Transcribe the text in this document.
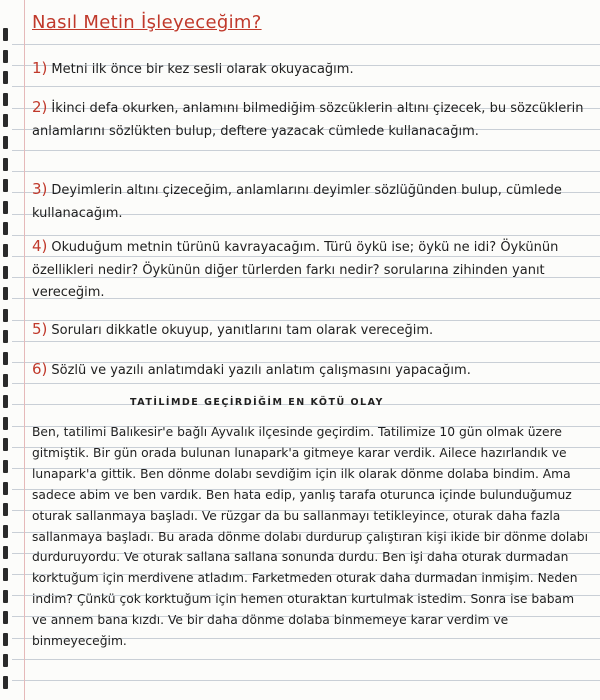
Nasıl Metin İşleyeceğim?

1) Metni ilk önce bir kez sesli olarak okuyacağım.

2) İkinci defa okurken, anlamını bilmediğim sözcüklerin altını çizecek, bu sözcüklerin anlamlarını sözlükten bulup, deftere yazacak cümlede kullanacağım.

3) Deyimlerin altını çizeceğim, anlamlarını deyimler sözlüğünden bulup, cümlede kullanacağım.

4) Okuduğum metnin türünü kavrayacağım. Türü öykü ise; öykü ne idi? Öykünün özellikleri nedir? Öykünün diğer türlerden farkı nedir? sorularına zihinden yanıt vereceğim.

5) Soruları dikkatle okuyup, yanıtlarını tam olarak vereceğim.

6) Sözlü ve yazılı anlatımdaki yazılı anlatım çalışmasını yapacağım.

TATİLİMDE GEÇİRDİĞİM EN KÖTÜ OLAY

Ben, tatilimi Balıkesir'e bağlı Ayvalık ilçesinde geçirdim. Tatilimize 10 gün olmak üzere gitmiştik. Bir gün orada bulunan lunapark'a gitmeye karar verdik. Ailece hazırlandık ve lunapark'a gittik. Ben dönme dolabı sevdiğim için ilk olarak dönme dolaba bindim. Ama sadece abim ve ben vardık. Ben hata edip, yanlış tarafa oturunca içinde bulunduğumuz oturak sallanmaya başladı. Ve rüzgar da bu sallanmayı tetikleyince, oturak daha fazla sallanmaya başladı. Bu arada dönme dolabı durdurup çalıştıran kişi ikide bir dönme dolabı durduruyordu. Ve oturak sallana sallana sonunda durdu. Ben işi daha oturak durmadan korktuğum için merdivene atladım. Farketmeden oturak daha durmadan inmişim. Neden indim? Çünkü çok korktuğum için hemen oturaktan kurtulmak istedim. Sonra ise babam ve annem bana kızdı. Ve bir daha dönme dolaba binmemeye karar verdim ve binmeyeceğim.
